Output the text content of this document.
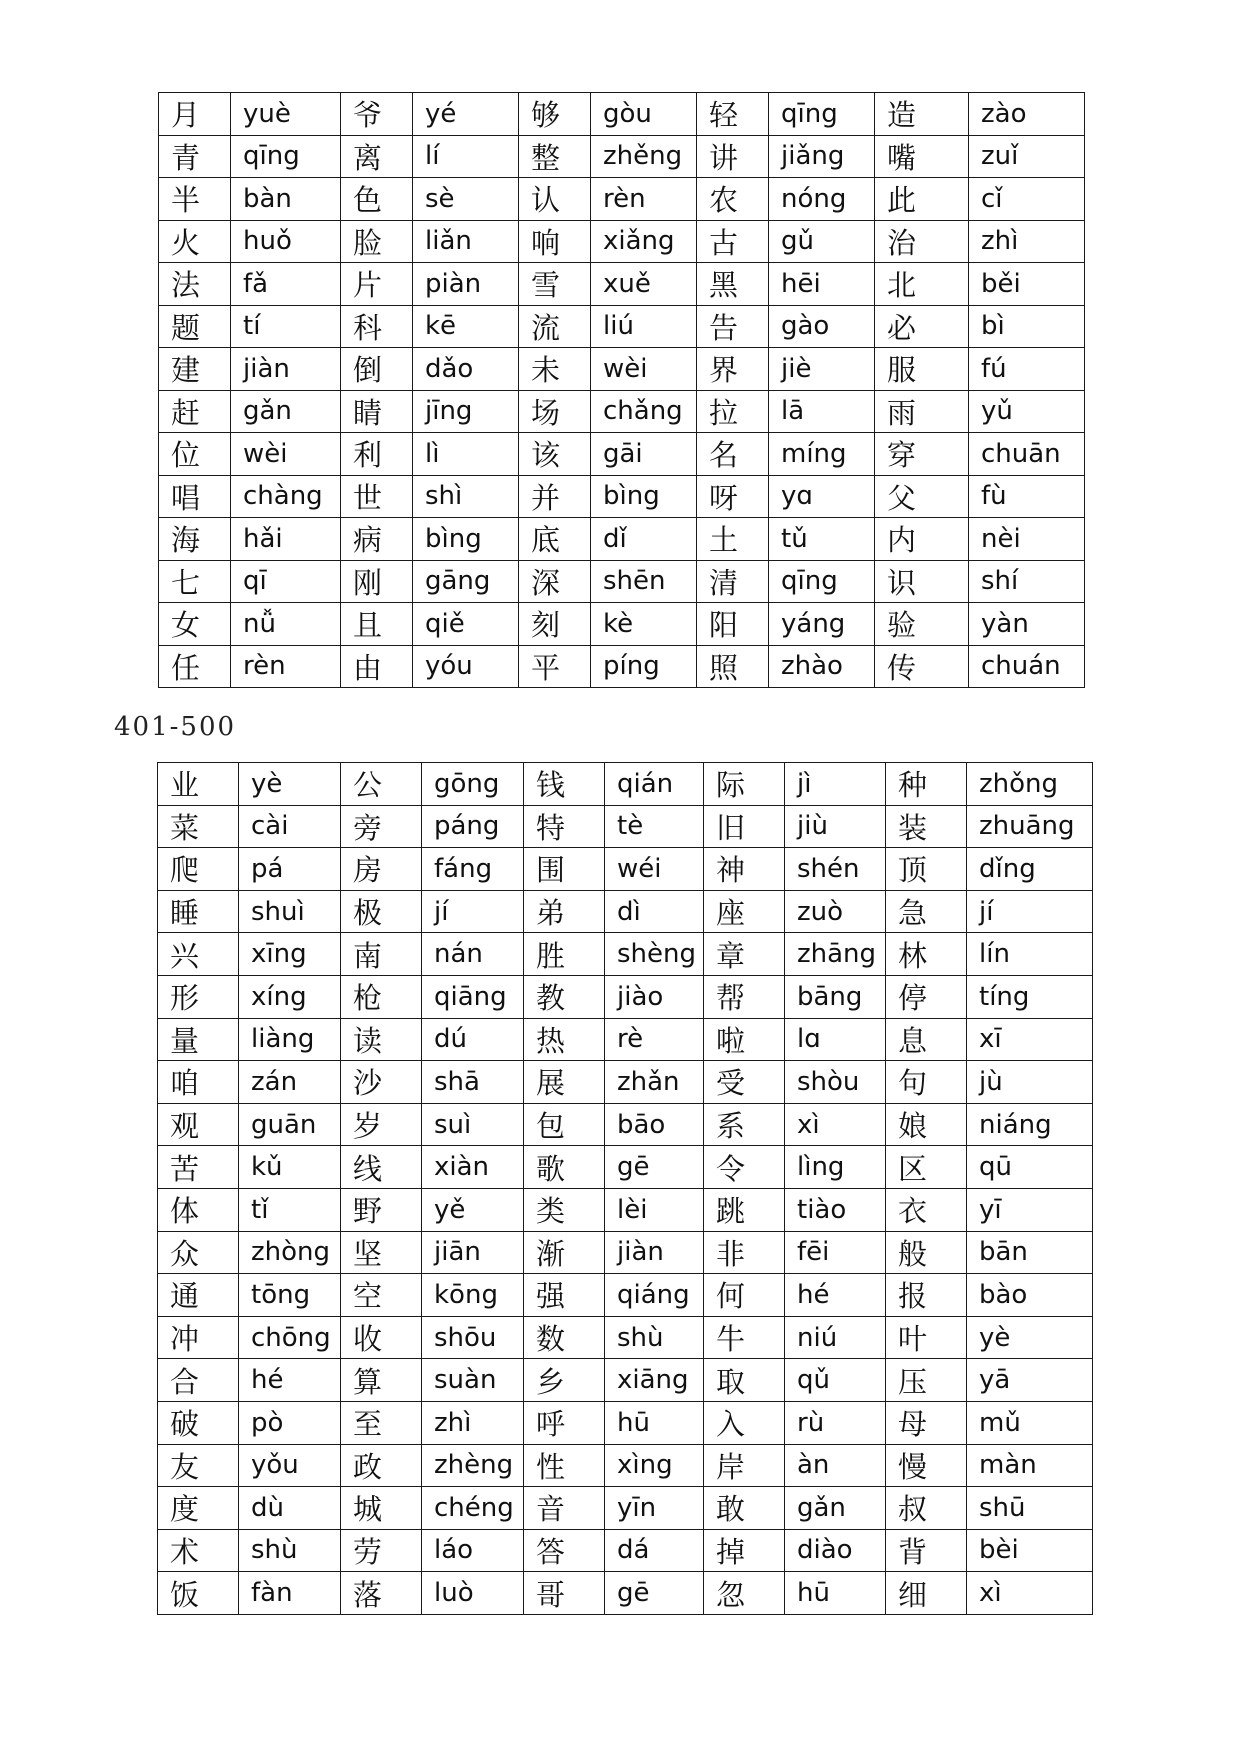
月	yuè	爷	yé	够	gòu	轻	qīng	造	zào
青	qīng	离	lí	整	zhěng	讲	jiǎng	嘴	zuǐ
半	bàn	色	sè	认	rèn	农	nóng	此	cǐ
火	huǒ	脸	liǎn	响	xiǎng	古	gǔ	治	zhì
法	fǎ	片	piàn	雪	xuě	黑	hēi	北	běi
题	tí	科	kē	流	liú	告	gào	必	bì
建	jiàn	倒	dǎo	未	wèi	界	jiè	服	fú
赶	gǎn	睛	jīng	场	chǎng	拉	lā	雨	yǔ
位	wèi	利	lì	该	gāi	名	míng	穿	chuān
唱	chàng	世	shì	并	bìng	呀	yɑ	父	fù
海	hǎi	病	bìng	底	dǐ	土	tǔ	内	nèi
七	qī	刚	gāng	深	shēn	清	qīng	识	shí
女	nǚ	且	qiě	刻	kè	阳	yáng	验	yàn
任	rèn	由	yóu	平	píng	照	zhào	传	chuán
401-500
业	yè	公	gōng	钱	qián	际	jì	种	zhǒng
菜	cài	旁	páng	特	tè	旧	jiù	装	zhuāng
爬	pá	房	fáng	围	wéi	神	shén	顶	dǐng
睡	shuì	极	jí	弟	dì	座	zuò	急	jí
兴	xīng	南	nán	胜	shèng	章	zhāng	林	lín
形	xíng	枪	qiāng	教	jiào	帮	bāng	停	tíng
量	liàng	读	dú	热	rè	啦	lɑ	息	xī
咱	zán	沙	shā	展	zhǎn	受	shòu	句	jù
观	guān	岁	suì	包	bāo	系	xì	娘	niáng
苦	kǔ	线	xiàn	歌	gē	令	lìng	区	qū
体	tǐ	野	yě	类	lèi	跳	tiào	衣	yī
众	zhòng	坚	jiān	渐	jiàn	非	fēi	般	bān
通	tōng	空	kōng	强	qiáng	何	hé	报	bào
冲	chōng	收	shōu	数	shù	牛	niú	叶	yè
合	hé	算	suàn	乡	xiāng	取	qǔ	压	yā
破	pò	至	zhì	呼	hū	入	rù	母	mǔ
友	yǒu	政	zhèng	性	xìng	岸	àn	慢	màn
度	dù	城	chéng	音	yīn	敢	gǎn	叔	shū
术	shù	劳	láo	答	dá	掉	diào	背	bèi
饭	fàn	落	luò	哥	gē	忽	hū	细	xì
